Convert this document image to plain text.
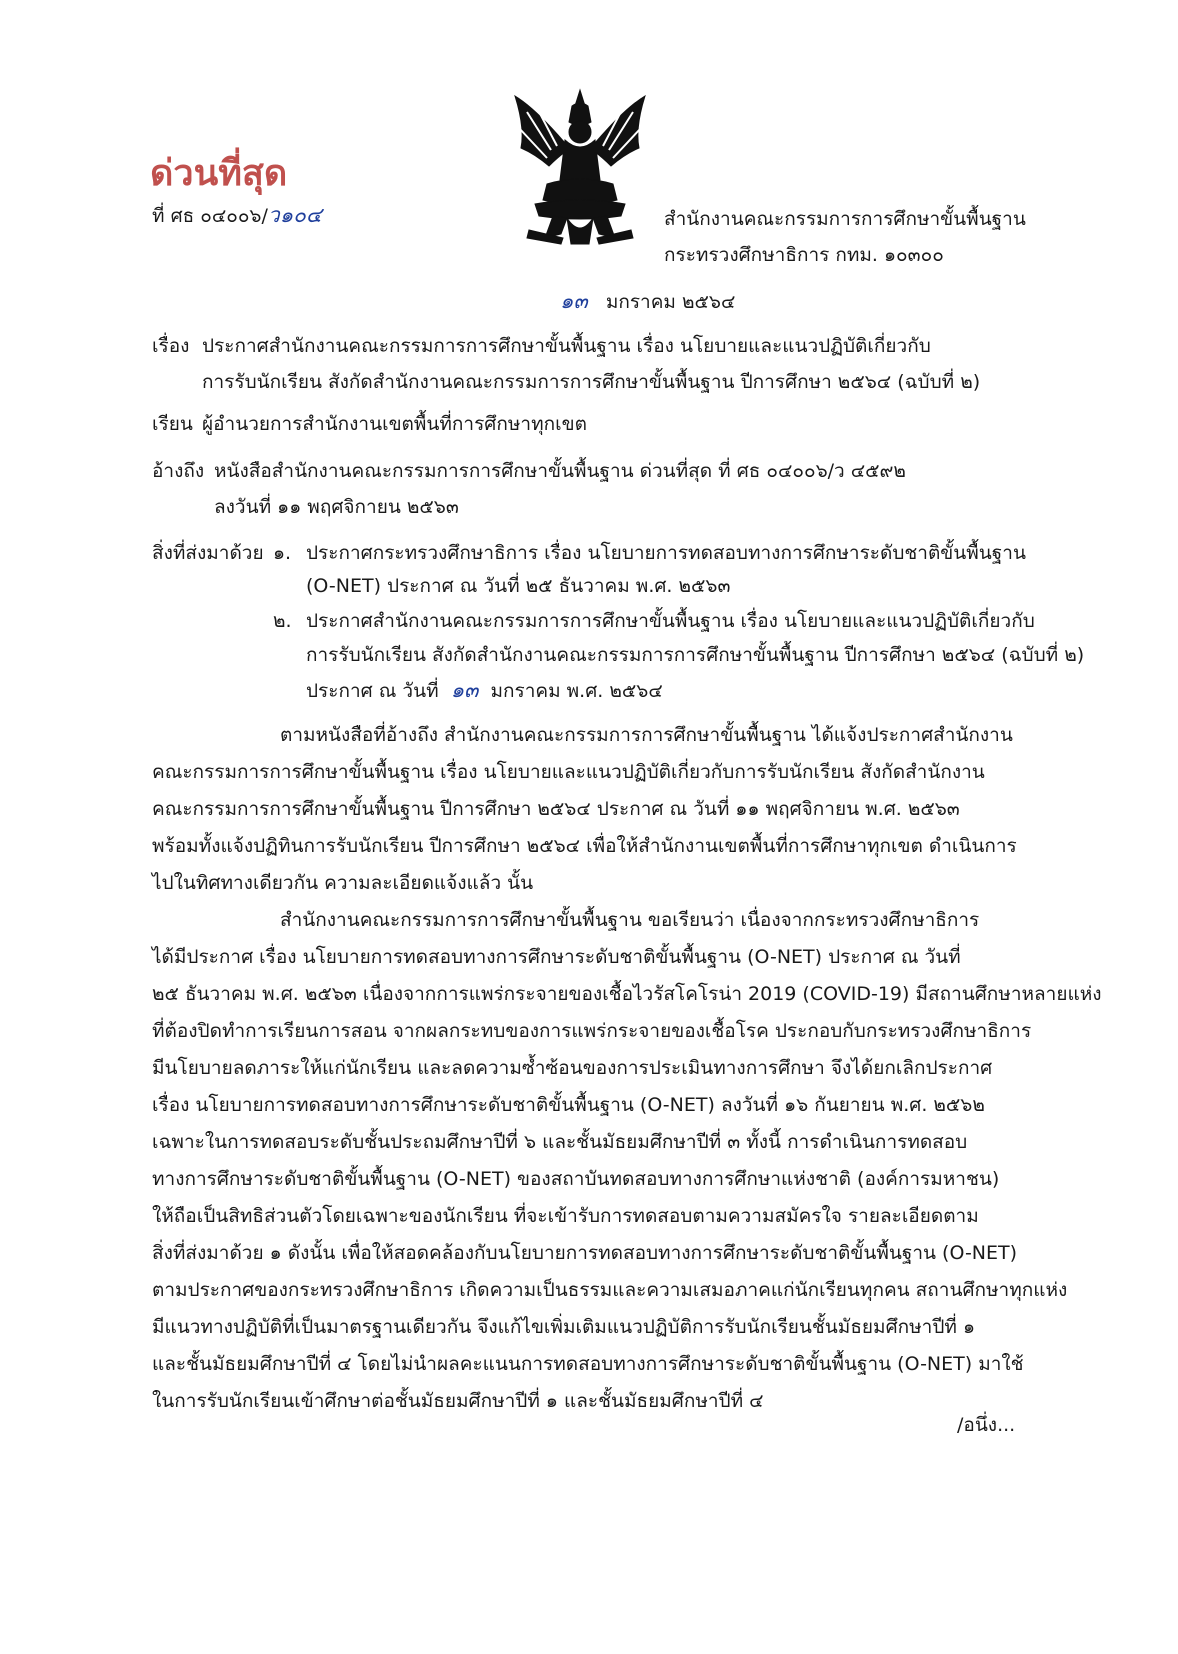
ด่วนที่สุด
ที่ ศธ ๐๔๐๐๖/ว๑๐๔	สำนักงานคณะกรรมการการศึกษาขั้นพื้นฐาน
กระทรวงศึกษาธิการ กทม. ๑๐๓๐๐
๑๓ มกราคม ๒๕๖๔
เรื่อง ประกาศสำนักงานคณะกรรมการการศึกษาขั้นพื้นฐาน เรื่อง นโยบายและแนวปฏิบัติเกี่ยวกับ
การรับนักเรียน สังกัดสำนักงานคณะกรรมการการศึกษาขั้นพื้นฐาน ปีการศึกษา ๒๕๖๔ (ฉบับที่ ๒)
เรียน ผู้อำนวยการสำนักงานเขตพื้นที่การศึกษาทุกเขต
อ้างถึง หนังสือสำนักงานคณะกรรมการการศึกษาขั้นพื้นฐาน ด่วนที่สุด ที่ ศธ ๐๔๐๐๖/ว ๔๕๙๒
ลงวันที่ ๑๑ พฤศจิกายน ๒๕๖๓
สิ่งที่ส่งมาด้วย ๑. ประกาศกระทรวงศึกษาธิการ เรื่อง นโยบายการทดสอบทางการศึกษาระดับชาติขั้นพื้นฐาน
(O-NET) ประกาศ ณ วันที่ ๒๕ ธันวาคม พ.ศ. ๒๕๖๓
๒. ประกาศสำนักงานคณะกรรมการการศึกษาขั้นพื้นฐาน เรื่อง นโยบายและแนวปฏิบัติเกี่ยวกับ
การรับนักเรียน สังกัดสำนักงานคณะกรรมการการศึกษาขั้นพื้นฐาน ปีการศึกษา ๒๕๖๔ (ฉบับที่ ๒)
ประกาศ ณ วันที่ ๑๓ มกราคม พ.ศ. ๒๕๖๔

ตามหนังสือที่อ้างถึง สำนักงานคณะกรรมการการศึกษาขั้นพื้นฐาน ได้แจ้งประกาศสำนักงาน

คณะกรรมการการศึกษาขั้นพื้นฐาน เรื่อง นโยบายและแนวปฏิบัติเกี่ยวกับการรับนักเรียน สังกัดสำนักงาน

คณะกรรมการการศึกษาขั้นพื้นฐาน ปีการศึกษา ๒๕๖๔ ประกาศ ณ วันที่ ๑๑ พฤศจิกายน พ.ศ. ๒๕๖๓

พร้อมทั้งแจ้งปฏิทินการรับนักเรียน ปีการศึกษา ๒๕๖๔ เพื่อให้สำนักงานเขตพื้นที่การศึกษาทุกเขต ดำเนินการ

ไปในทิศทางเดียวกัน ความละเอียดแจ้งแล้ว นั้น

สำนักงานคณะกรรมการการศึกษาขั้นพื้นฐาน ขอเรียนว่า เนื่องจากกระทรวงศึกษาธิการ

ได้มีประกาศ เรื่อง นโยบายการทดสอบทางการศึกษาระดับชาติขั้นพื้นฐาน (O-NET) ประกาศ ณ วันที่

๒๕ ธันวาคม พ.ศ. ๒๕๖๓ เนื่องจากการแพร่กระจายของเชื้อไวรัสโคโรน่า 2019 (COVID-19) มีสถานศึกษาหลายแห่ง

ที่ต้องปิดทำการเรียนการสอน จากผลกระทบของการแพร่กระจายของเชื้อโรค ประกอบกับกระทรวงศึกษาธิการ

มีนโยบายลดภาระให้แก่นักเรียน และลดความซ้ำซ้อนของการประเมินทางการศึกษา จึงได้ยกเลิกประกาศ

เรื่อง นโยบายการทดสอบทางการศึกษาระดับชาติขั้นพื้นฐาน (O-NET) ลงวันที่ ๑๖ กันยายน พ.ศ. ๒๕๖๒

เฉพาะในการทดสอบระดับชั้นประถมศึกษาปีที่ ๖ และชั้นมัธยมศึกษาปีที่ ๓ ทั้งนี้ การดำเนินการทดสอบ

ทางการศึกษาระดับชาติขั้นพื้นฐาน (O-NET) ของสถาบันทดสอบทางการศึกษาแห่งชาติ (องค์การมหาชน)

ให้ถือเป็นสิทธิส่วนตัวโดยเฉพาะของนักเรียน ที่จะเข้ารับการทดสอบตามความสมัครใจ รายละเอียดตาม

สิ่งที่ส่งมาด้วย ๑ ดังนั้น เพื่อให้สอดคล้องกับนโยบายการทดสอบทางการศึกษาระดับชาติขั้นพื้นฐาน (O-NET)

ตามประกาศของกระทรวงศึกษาธิการ เกิดความเป็นธรรมและความเสมอภาคแก่นักเรียนทุกคน สถานศึกษาทุกแห่ง

มีแนวทางปฏิบัติที่เป็นมาตรฐานเดียวกัน จึงแก้ไขเพิ่มเติมแนวปฏิบัติการรับนักเรียนชั้นมัธยมศึกษาปีที่ ๑

และชั้นมัธยมศึกษาปีที่ ๔ โดยไม่นำผลคะแนนการทดสอบทางการศึกษาระดับชาติขั้นพื้นฐาน (O-NET) มาใช้

ในการรับนักเรียนเข้าศึกษาต่อชั้นมัธยมศึกษาปีที่ ๑ และชั้นมัธยมศึกษาปีที่ ๔

/อนึ่ง...
